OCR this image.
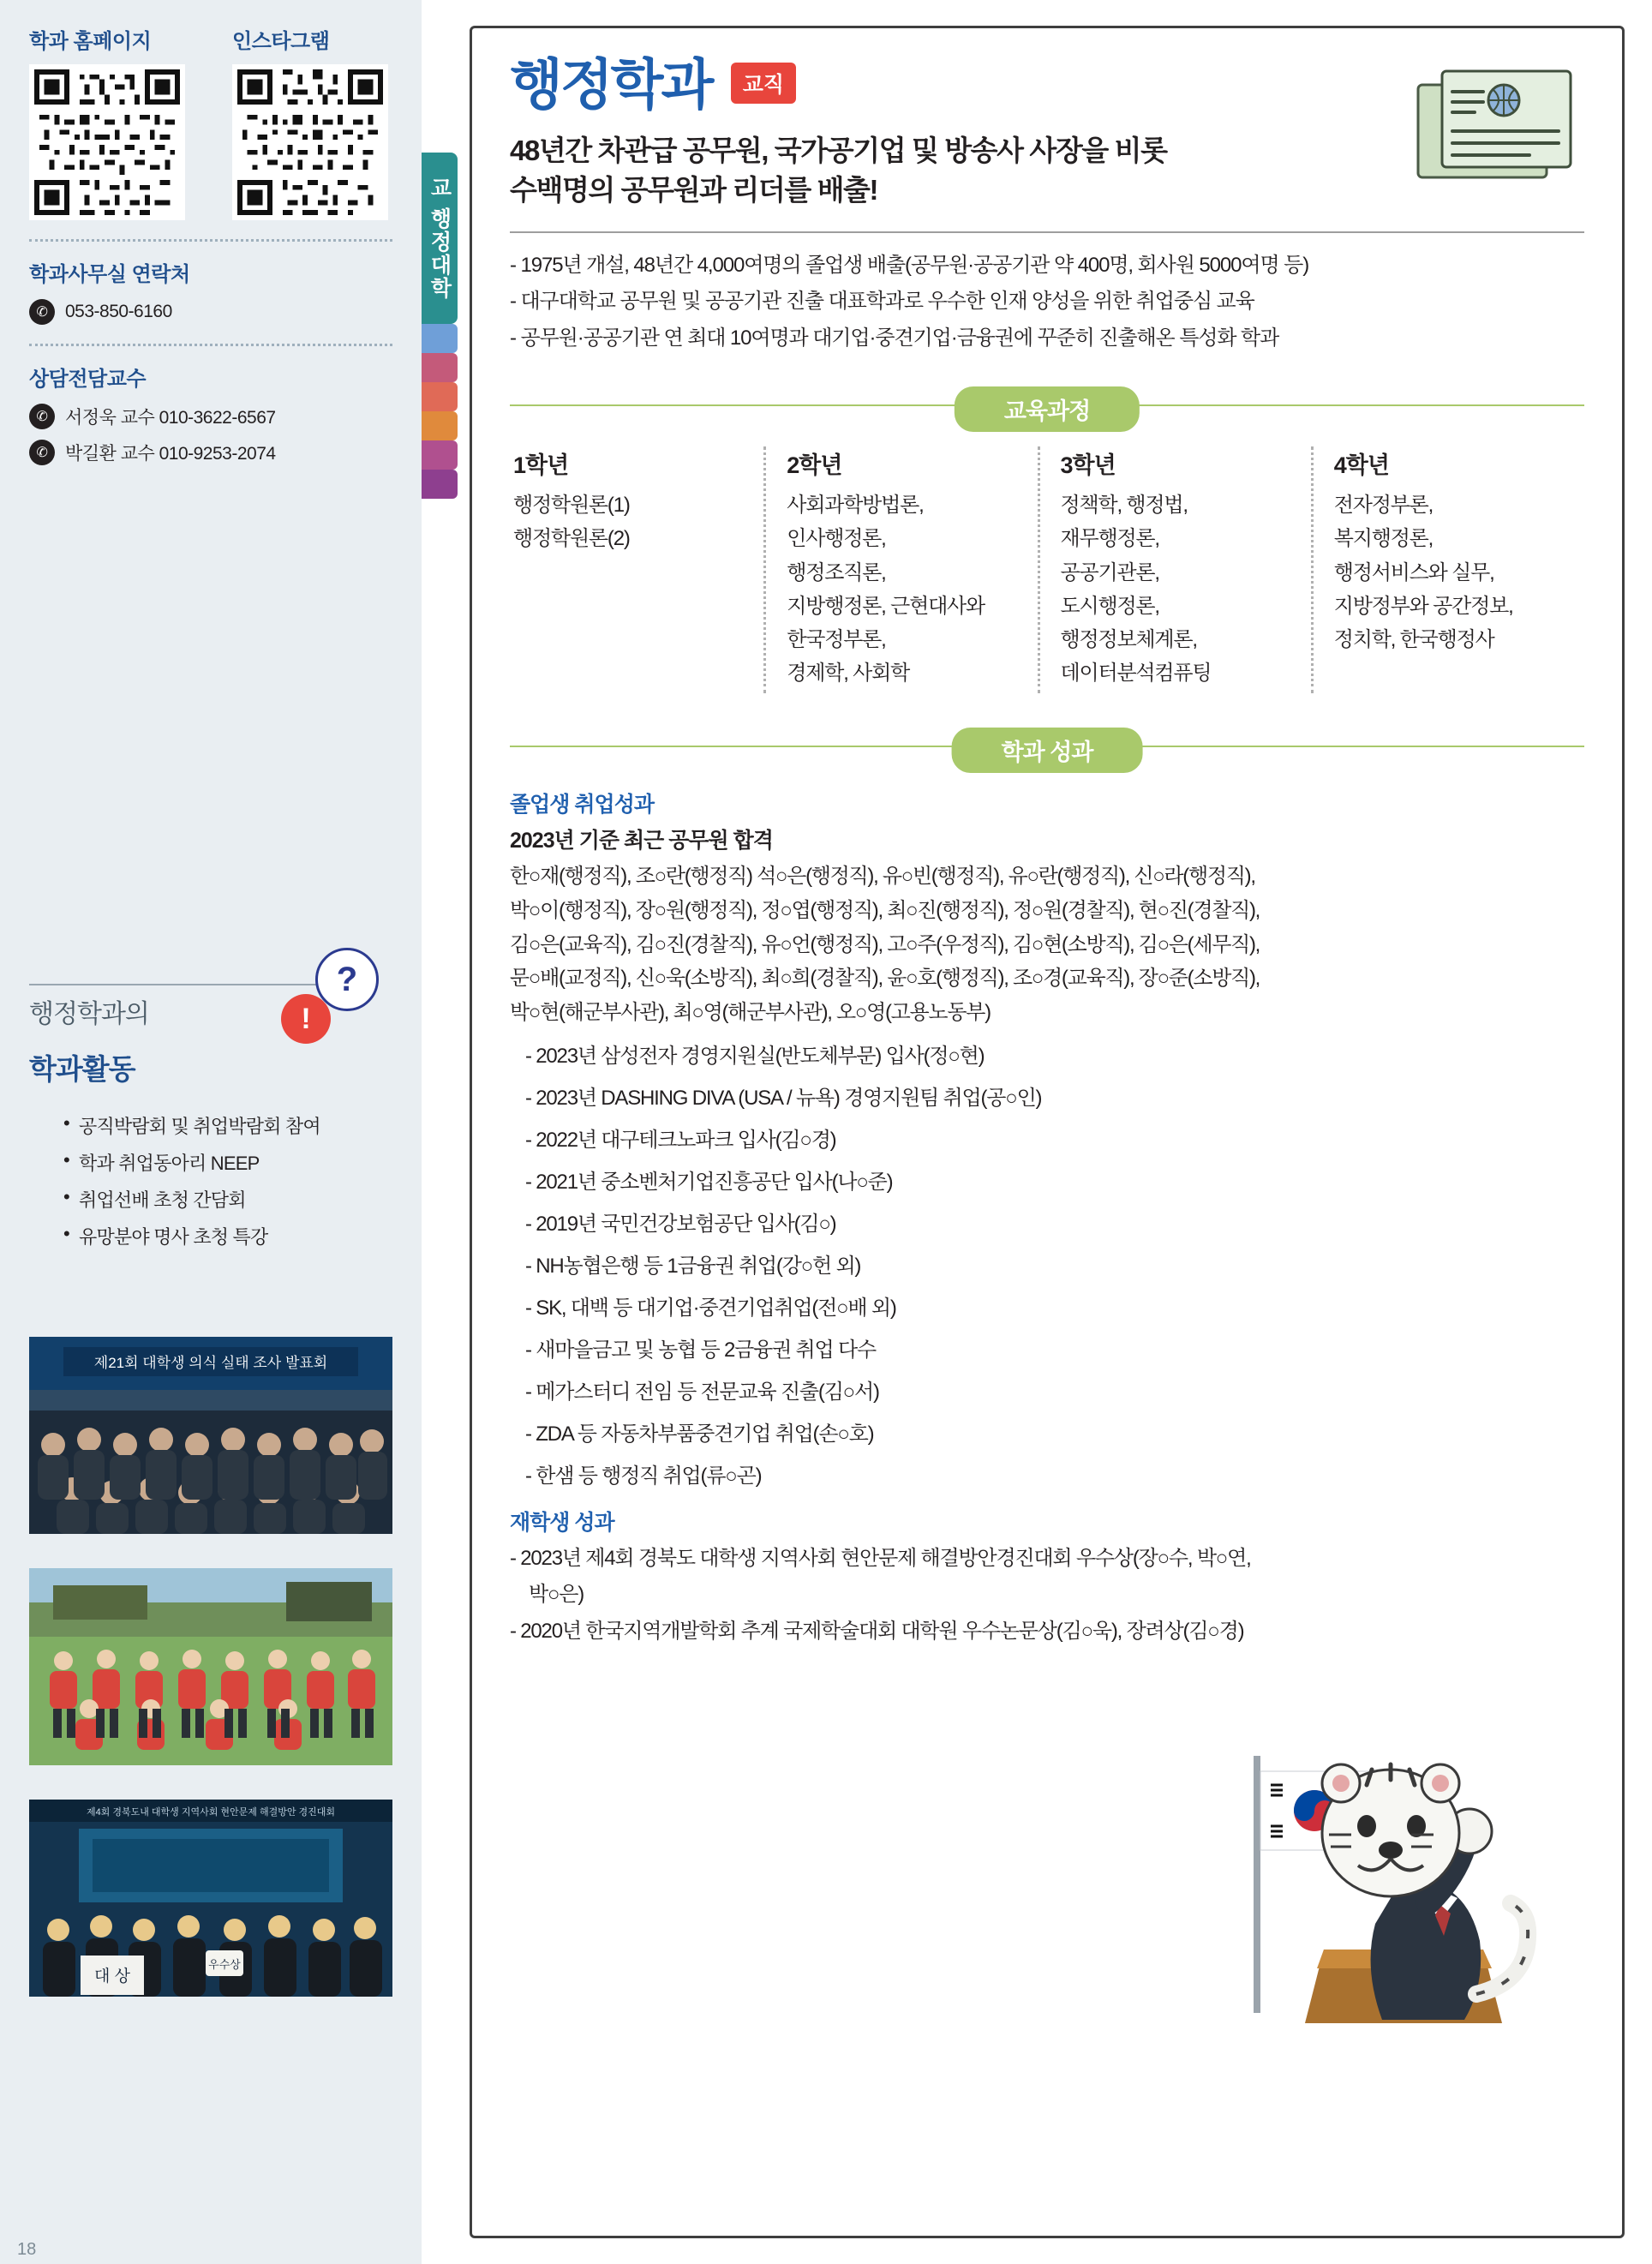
학과 홈페이지	인스타그램
학과사무실 연락처
✆ 053-850-6160
상담전담교수
✆ 서정욱 교수 010-3622-6567
✆ 박길환 교수 010-9253-2074
행정학과의
?
!
학과활동
• 공직박람회 및 취업박람회 참여
• 학과 취업동아리 NEEP
• 취업선배 초청 간담회
• 유망분야 명사 초청 특강
제21회 대학생 의식 실태 조사 발표회
제4회 경북도내 대학생 지역사회 현안문제 해결방안 경진대회
대 상
우수상
18
교 행정대학
행정학과 교직
48년간 차관급 공무원, 국가공기업 및 방송사 사장을 비롯
수백명의 공무원과 리더를 배출!

- 1975년 개설, 48년간 4,000여명의 졸업생 배출(공무원·공공기관 약 400명, 회사원 5000여명 등)

- 대구대학교 공무원 및 공공기관 진출 대표학과로 우수한 인재 양성을 위한 취업중심 교육

- 공무원·공공기관 연 최대 10여명과 대기업·중견기업·금융권에 꾸준히 진출해온 특성화 학과

교육과정
1학년

행정학원론(1)

행정학원론(2)

2학년

사회과학방법론,

인사행정론,

행정조직론,

지방행정론, 근현대사와

한국정부론,

경제학, 사회학

3학년

정책학, 행정법,

재무행정론,

공공기관론,

도시행정론,

행정정보체계론,

데이터분석컴퓨팅

4학년

전자정부론,

복지행정론,

행정서비스와 실무,

지방정부와 공간정보,

정치학, 한국행정사

학과 성과
졸업생 취업성과
2023년 기준 최근 공무원 합격

한○재(행정직), 조○란(행정직) 석○은(행정직), 유○빈(행정직), 유○란(행정직), 신○라(행정직),

박○이(행정직), 장○원(행정직), 정○엽(행정직), 최○진(행정직), 정○원(경찰직), 현○진(경찰직),

김○은(교육직), 김○진(경찰직), 유○언(행정직), 고○주(우정직), 김○현(소방직), 김○은(세무직),

문○배(교정직), 신○욱(소방직), 최○희(경찰직), 윤○호(행정직), 조○경(교육직), 장○준(소방직),

박○현(해군부사관), 최○영(해군부사관), 오○영(고용노동부)

- 2023년 삼성전자 경영지원실(반도체부문) 입사(정○현)

- 2023년 DASHING DIVA (USA / 뉴욕) 경영지원팀 취업(공○인)

- 2022년 대구테크노파크 입사(김○경)

- 2021년 중소벤처기업진흥공단 입사(나○준)

- 2019년 국민건강보험공단 입사(김○)

- NH농협은행 등 1금융권 취업(강○헌 외)

- SK, 대백 등 대기업·중견기업취업(전○배 외)

- 새마을금고 및 농협 등 2금융권 취업 다수

- 메가스터디 전임 등 전문교육 진출(김○서)

- ZDA 등 자동차부품중견기업 취업(손○호)

- 한샘 등 행정직 취업(류○곤)

재학생 성과

- 2023년 제4회 경북도 대학생 지역사회 현안문제 해결방안경진대회 우수상(장○수, 박○연,

박○은)

- 2020년 한국지역개발학회 추계 국제학술대회 대학원 우수논문상(김○욱), 장려상(김○경)
